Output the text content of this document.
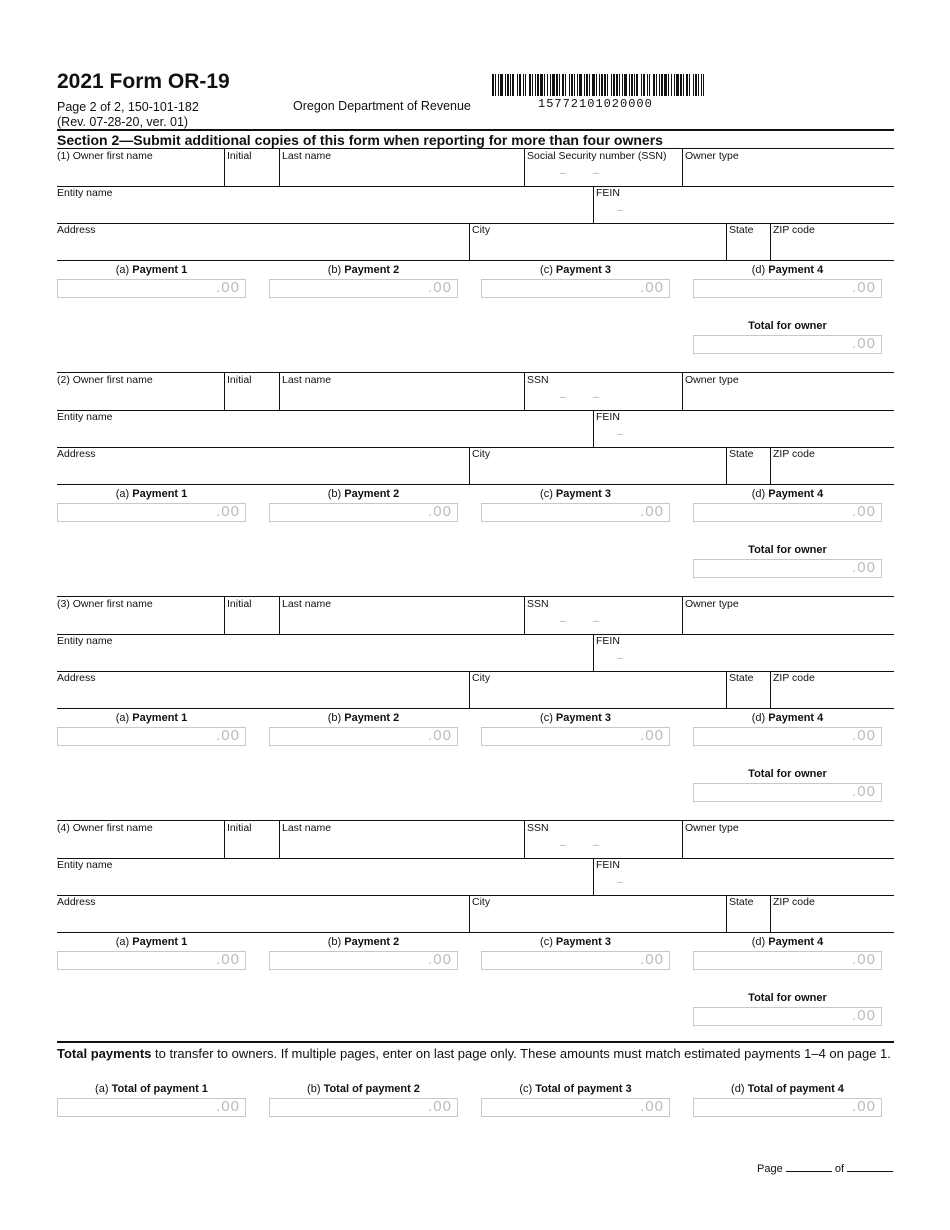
2021 Form OR-19
Page 2 of 2, 150-101-182
(Rev. 07-28-20, ver. 01)
Oregon Department of Revenue	15772101020000
Section 2—Submit additional copies of this form when reporting for more than four owners
(1) Owner first name	Initial	Last name	Social Security number (SSN) Owner type
Entity name	FEIN
Address	City	State ZIP code
–	–
–
(a) Payment 1
.00
(b) Payment 2
.00
(c) Payment 3
.00
(d) Payment 4
.00
Total for owner
.00
(2) Owner first name	Initial	Last name	SSN	Owner type
Entity name	FEIN
Address	City	State ZIP code
–	–
–
(a) Payment 1
.00
(b) Payment 2
.00
(c) Payment 3
.00
(d) Payment 4
.00
Total for owner
.00
(3) Owner first name	Initial	Last name	SSN	Owner type
Entity name	FEIN
Address	City	State ZIP code
–	–
–
(a) Payment 1
.00
(b) Payment 2
.00
(c) Payment 3
.00
(d) Payment 4
.00
Total for owner
.00
(4) Owner first name	Initial	Last name	SSN	Owner type
Entity name	FEIN
Address	City	State ZIP code
–	–
–
(a) Payment 1
.00
(b) Payment 2
.00
(c) Payment 3
.00
(d) Payment 4
.00
Total for owner
.00
Total payments to transfer to owners. If multiple pages, enter on last page only. These amounts must match estimated payments 1–4 on page 1.
(a) Total of payment 1
.00
(b) Total of payment 2
.00
(c) Total of payment 3
.00
(d) Total of payment 4
.00
Page	of
